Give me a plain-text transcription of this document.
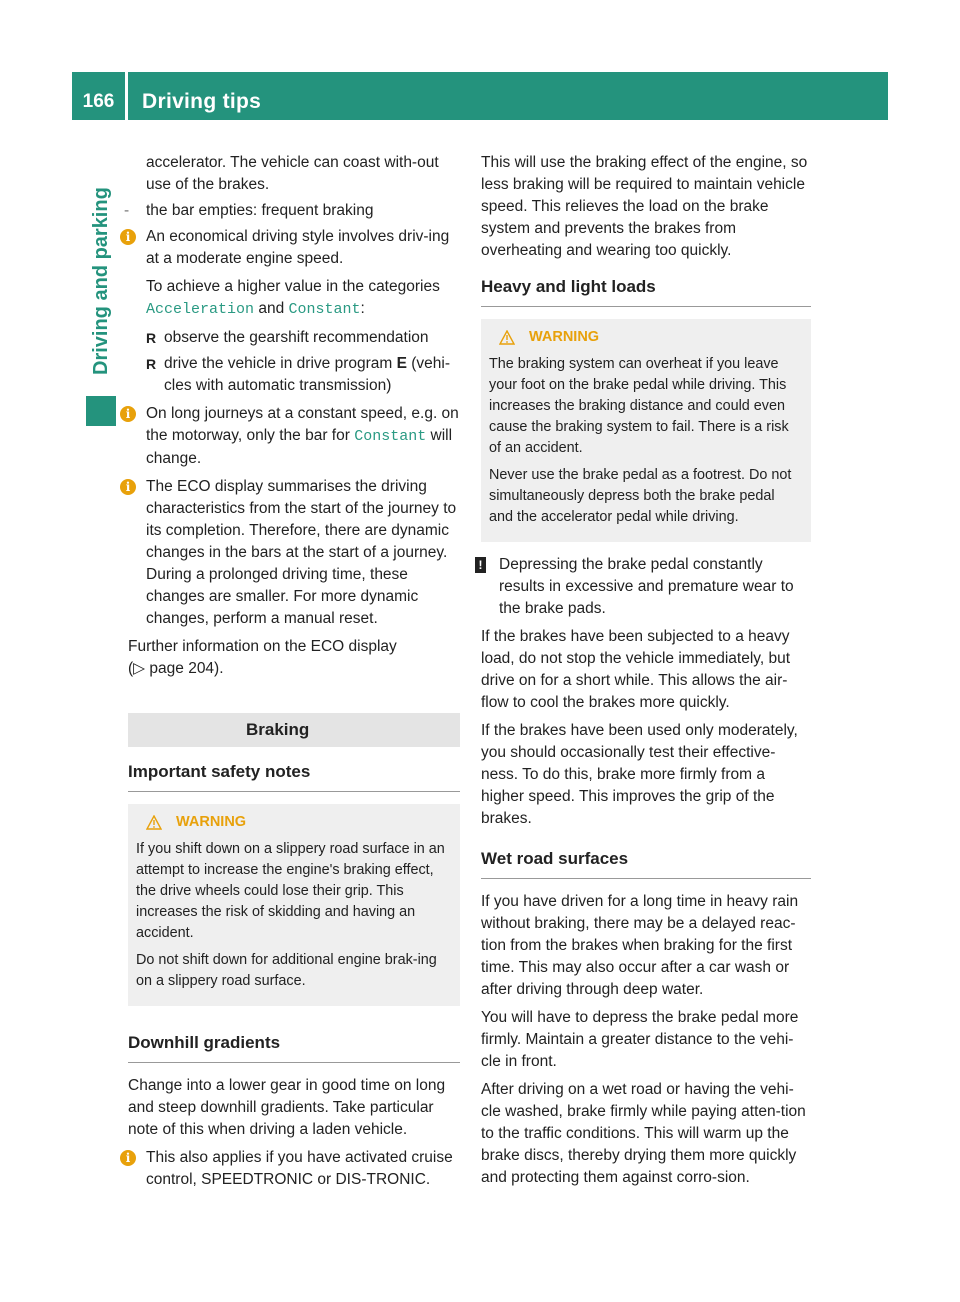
166	Driving tips
Driving and parking

accelerator. The vehicle can coast with-out use of the brakes.

- the bar empties: frequent braking
i	An economical driving style involves driv-ing at a moderate engine speed.

To achieve a higher value in the categories Acceleration and Constant:

R observe the gearshift recommendation
R drive the vehicle in drive program E (vehi-cles with automatic transmission)
i	On long journeys at a constant speed, e.g. on the motorway, only the bar for Constant will change.

i	The ECO display summarises the driving characteristics from the start of the journey to its completion. Therefore, there are dynamic changes in the bars at the start of a journey. During a prolonged driving time, these changes are smaller. For more dynamic changes, perform a manual reset.

Further information on the ECO display

(▷ page 204).

Braking
Important safety notes
WARNING

If you shift down on a slippery road surface in an attempt to increase the engine's braking effect, the drive wheels could lose their grip. This increases the risk of skidding and having an accident.

Do not shift down for additional engine brak-ing on a slippery road surface.

Downhill gradients

Change into a lower gear in good time on long and steep downhill gradients. Take particular note of this when driving a laden vehicle.

i	This also applies if you have activated cruise control, SPEEDTRONIC or DIS-TRONIC.

This will use the braking effect of the engine, so less braking will be required to maintain vehicle speed. This relieves the load on the brake system and prevents the brakes from overheating and wearing too quickly.

Heavy and light loads
WARNING

The braking system can overheat if you leave your foot on the brake pedal while driving. This increases the braking distance and could even cause the braking system to fail. There is a risk of an accident.

Never use the brake pedal as a footrest. Do not simultaneously depress both the brake pedal and the accelerator pedal while driving.

! Depressing the brake pedal constantly results in excessive and premature wear to the brake pads.

If the brakes have been subjected to a heavy load, do not stop the vehicle immediately, but drive on for a short while. This allows the air-flow to cool the brakes more quickly.

If the brakes have been used only moderately, you should occasionally test their effective-ness. To do this, brake more firmly from a higher speed. This improves the grip of the brakes.

Wet road surfaces

If you have driven for a long time in heavy rain without braking, there may be a delayed reac-tion from the brakes when braking for the first time. This may also occur after a car wash or after driving through deep water.

You will have to depress the brake pedal more firmly. Maintain a greater distance to the vehi-cle in front.

After driving on a wet road or having the vehi-cle washed, brake firmly while paying atten-tion to the traffic conditions. This will warm up the brake discs, thereby drying them more quickly and protecting them against corro-sion.
